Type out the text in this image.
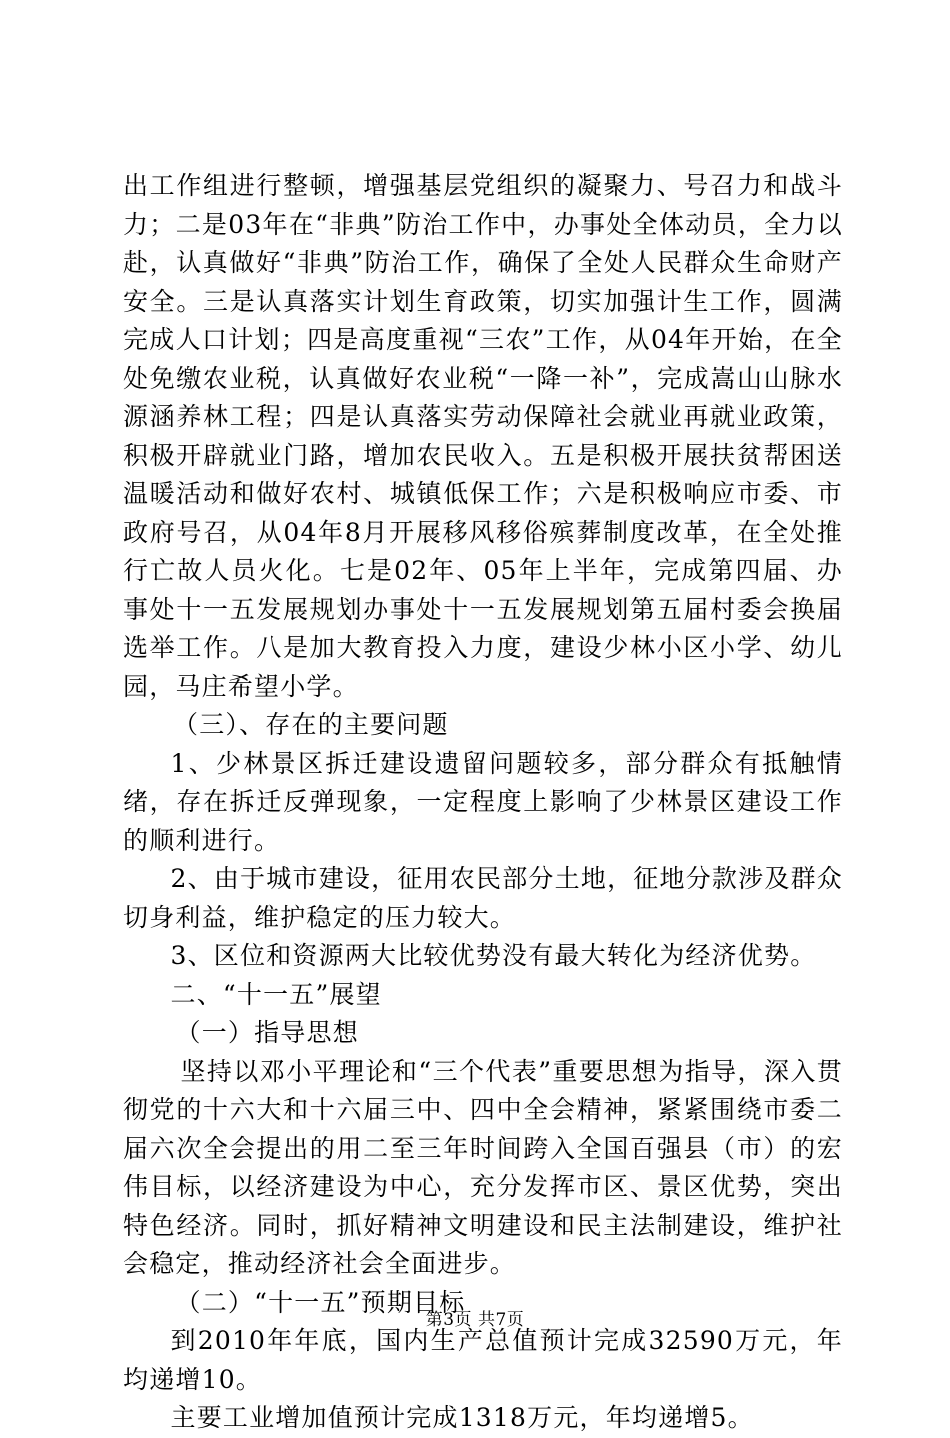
出工作组进行整顿，增强基层党组织的凝聚力、号召力和战斗力；二是03年在“非典”防治工作中，办事处全体动员，全力以赴，认真做好“非典”防治工作，确保了全处人民群众生命财产安全。三是认真落实计划生育政策，切实加强计生工作，圆满完成人口计划；四是高度重视“三农”工作，从04年开始，在全处免缴农业税，认真做好农业税“一降一补”，完成嵩山山脉水源涵养林工程；四是认真落实劳动保障社会就业再就业政策，积极开辟就业门路，增加农民收入。五是积极开展扶贫帮困送温暖活动和做好农村、城镇低保工作；六是积极响应市委、市政府号召，从04年8月开展移风移俗殡葬制度改革，在全处推行亡故人员火化。七是02年、05年上半年，完成第四届、办事处十一五发展规划办事处十一五发展规划第五届村委会换届选举工作。八是加大教育投入力度，建设少林小区小学、幼儿园，马庄希望小学。

（三）、存在的主要问题

1、少林景区拆迁建设遗留问题较多，部分群众有抵触情绪，存在拆迁反弹现象，一定程度上影响了少林景区建设工作的顺利进行。

2、由于城市建设，征用农民部分土地，征地分款涉及群众切身利益，维护稳定的压力较大。

3、区位和资源两大比较优势没有最大转化为经济优势。

二、“十一五”展望

（一）指导思想

坚持以邓小平理论和“三个代表”重要思想为指导，深入贯彻党的十六大和十六届三中、四中全会精神，紧紧围绕市委二届六次全会提出的用二至三年时间跨入全国百强县（市）的宏伟目标，以经济建设为中心，充分发挥市区、景区优势，突出特色经济。同时，抓好精神文明建设和民主法制建设，维护社会稳定，推动经济社会全面进步。

（二）“十一五”预期目标

到2010年年底，国内生产总值预计完成32590万元，年均递增10。

主要工业增加值预计完成1318万元，年均递增5。

第3页 共7页
